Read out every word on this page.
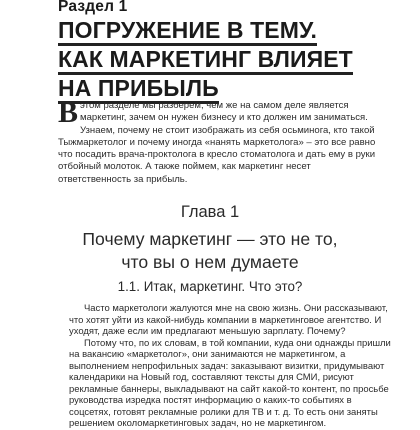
Раздел 1
ПОГРУЖЕНИЕ В ТЕМУ.
КАК МАРКЕТИНГ ВЛИЯЕТ
НА ПРИБЫЛЬ
Вэтом разделе мы разберем, чем же на самом деле является маркетинг, зачем он нужен бизнесу и кто должен им заниматься. Узнаем, почему не стоит изображать из себя осьминога, кто такой Тыжмаркетолог и почему иногда «нанять маркетолога» – это все равно что посадить врача-проктолога в кресло стоматолога и дать ему в руки отбойный молоток. А также поймем, как маркетинг несет ответственность за прибыль.
Глава 1
Почему маркетинг — это не то,
что вы о нем думаете
1.1. Итак, маркетинг. Что это?

Часто маркетологи жалуются мне на свою жизнь. Они рассказывают, что хотят уйти из какой-нибудь компании в маркетинговое агентство. И уходят, даже если им предлагают меньшую зарплату. Почему?

Потому что, по их словам, в той компании, куда они однажды пришли на вакансию «маркетолог», они занимаются не маркетингом, а выполнением непрофильных задач: заказывают визитки, придумывают календарики на Новый год, составляют тексты для СМИ, рисуют рекламные баннеры, выкладывают на сайт какой-то контент, по просьбе руководства изредка постят информацию о каких-то событиях в соцсетях, готовят рекламные ролики для ТВ и т. д. То есть они заняты решением околомаркетинговых задач, но не маркетингом.
